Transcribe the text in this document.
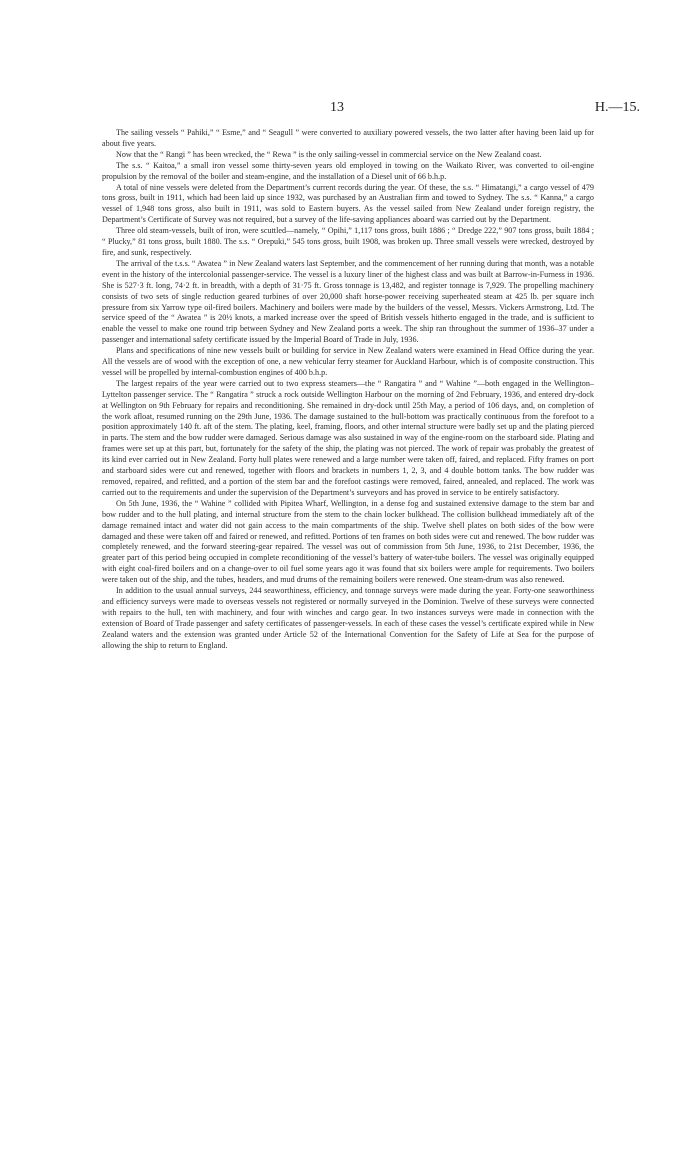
13	H.—15.

The sailing vessels “ Pahiki,” “ Esme,” and “ Seagull ” were converted to auxiliary powered vessels, the two latter after having been laid up for about five years.

Now that the “ Rangi ” has been wrecked, the “ Rewa ” is the only sailing-vessel in commercial service on the New Zealand coast.

The s.s. “ Kaitoa,” a small iron vessel some thirty-seven years old employed in towing on the Waikato River, was converted to oil-engine propulsion by the removal of the boiler and steam-engine, and the installation of a Diesel unit of 66 b.h.p.

A total of nine vessels were deleted from the Department’s current records during the year. Of these, the s.s. “ Himatangi,” a cargo vessel of 479 tons gross, built in 1911, which had been laid up since 1932, was purchased by an Australian firm and towed to Sydney. The s.s. “ Kanna,” a cargo vessel of 1,948 tons gross, also built in 1911, was sold to Eastern buyers. As the vessel sailed from New Zealand under foreign registry, the Department’s Certificate of Survey was not required, but a survey of the life-saving appliances aboard was carried out by the Department.

Three old steam-vessels, built of iron, were scuttled—namely, “ Opihi,” 1,117 tons gross, built 1886 ; “ Dredge 222,” 907 tons gross, built 1884 ; “ Plucky,” 81 tons gross, built 1880. The s.s. “ Orepuki,” 545 tons gross, built 1908, was broken up. Three small vessels were wrecked, destroyed by fire, and sunk, respectively.

The arrival of the t.s.s. “ Awatea ” in New Zealand waters last September, and the commencement of her running during that month, was a notable event in the history of the intercolonial passenger-service. The vessel is a luxury liner of the highest class and was built at Barrow-in-Furness in 1936. She is 527·3 ft. long, 74·2 ft. in breadth, with a depth of 31·75 ft. Gross tonnage is 13,482, and register tonnage is 7,929. The propelling machinery consists of two sets of single reduction geared turbines of over 20,000 shaft horse-power receiving superheated steam at 425 lb. per square inch pressure from six Yarrow type oil-fired boilers. Machinery and boilers were made by the builders of the vessel, Messrs. Vickers Armstrong, Ltd. The service speed of the “ Awatea ” is 20½ knots, a marked increase over the speed of British vessels hitherto engaged in the trade, and is sufficient to enable the vessel to make one round trip between Sydney and New Zealand ports a week. The ship ran throughout the summer of 1936–37 under a passenger and international safety certificate issued by the Imperial Board of Trade in July, 1936.

Plans and specifications of nine new vessels built or building for service in New Zealand waters were examined in Head Office during the year. All the vessels are of wood with the exception of one, a new vehicular ferry steamer for Auckland Harbour, which is of composite construction. This vessel will be propelled by internal-combustion engines of 400 b.h.p.

The largest repairs of the year were carried out to two express steamers—the “ Rangatira ” and “ Wahine ”—both engaged in the Wellington–Lyttelton passenger service. The “ Rangatira ” struck a rock outside Wellington Harbour on the morning of 2nd February, 1936, and entered dry-dock at Wellington on 9th February for repairs and reconditioning. She remained in dry-dock until 25th May, a period of 106 days, and, on completion of the work afloat, resumed running on the 29th June, 1936. The damage sustained to the hull-bottom was practically continuous from the forefoot to a position approximately 140 ft. aft of the stem. The plating, keel, framing, floors, and other internal structure were badly set up and the plating pierced in parts. The stem and the bow rudder were damaged. Serious damage was also sustained in way of the engine-room on the starboard side. Plating and frames were set up at this part, but, fortunately for the safety of the ship, the plating was not pierced. The work of repair was probably the greatest of its kind ever carried out in New Zealand. Forty hull plates were renewed and a large number were taken off, faired, and replaced. Fifty frames on port and starboard sides were cut and renewed, together with floors and brackets in numbers 1, 2, 3, and 4 double bottom tanks. The bow rudder was removed, repaired, and refitted, and a portion of the stem bar and the forefoot castings were removed, faired, annealed, and replaced. The work was carried out to the requirements and under the supervision of the Department’s surveyors and has proved in service to be entirely satisfactory.

On 5th June, 1936, the “ Wahine ” collided with Pipitea Wharf, Wellington, in a dense fog and sustained extensive damage to the stem bar and bow rudder and to the hull plating, and internal structure from the stem to the chain locker bulkhead. The collision bulkhead immediately aft of the damage remained intact and water did not gain access to the main compartments of the ship. Twelve shell plates on both sides of the bow were damaged and these were taken off and faired or renewed, and refitted. Portions of ten frames on both sides were cut and renewed. The bow rudder was completely renewed, and the forward steering-gear repaired. The vessel was out of commission from 5th June, 1936, to 21st December, 1936, the greater part of this period being occupied in complete reconditioning of the vessel’s battery of water-tube boilers. The vessel was originally equipped with eight coal-fired boilers and on a change-over to oil fuel some years ago it was found that six boilers were ample for requirements. Two boilers were taken out of the ship, and the tubes, headers, and mud drums of the remaining boilers were renewed. One steam-drum was also renewed.

In addition to the usual annual surveys, 244 seaworthiness, efficiency, and tonnage surveys were made during the year. Forty-one seaworthiness and efficiency surveys were made to overseas vessels not registered or normally surveyed in the Dominion. Twelve of these surveys were connected with repairs to the hull, ten with machinery, and four with winches and cargo gear. In two instances surveys were made in connection with the extension of Board of Trade passenger and safety certificates of passenger-vessels. In each of these cases the vessel’s certificate expired while in New Zealand waters and the extension was granted under Article 52 of the International Convention for the Safety of Life at Sea for the purpose of allowing the ship to return to England.
